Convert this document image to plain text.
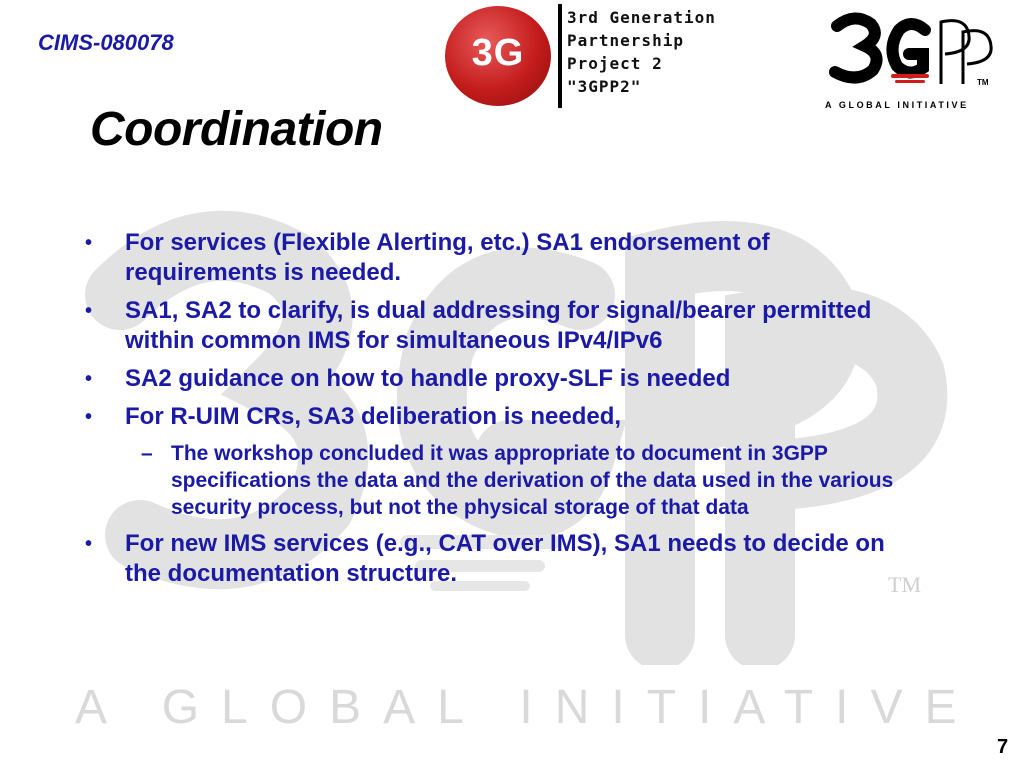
TM
A GLOBAL INITIATIVE
CIMS-080078
Coordination
3G
3rd Generation
Partnership
Project 2
"3GPP2"	TM
A GLOBAL INITIATIVE
• For services (Flexible Alerting, etc.) SA1 endorsement of requirements is needed.
• SA1, SA2 to clarify, is dual addressing for signal/bearer permitted within common IMS for simultaneous IPv4/IPv6
• SA2 guidance on how to handle proxy-SLF is needed
• For R-UIM CRs, SA3 deliberation is needed,
– The workshop concluded it was appropriate to document in 3GPP specifications the data and the derivation of the data used in the various security process, but not the physical storage of that data
• For new IMS services (e.g., CAT over IMS), SA1 needs to decide on the documentation structure.
7
